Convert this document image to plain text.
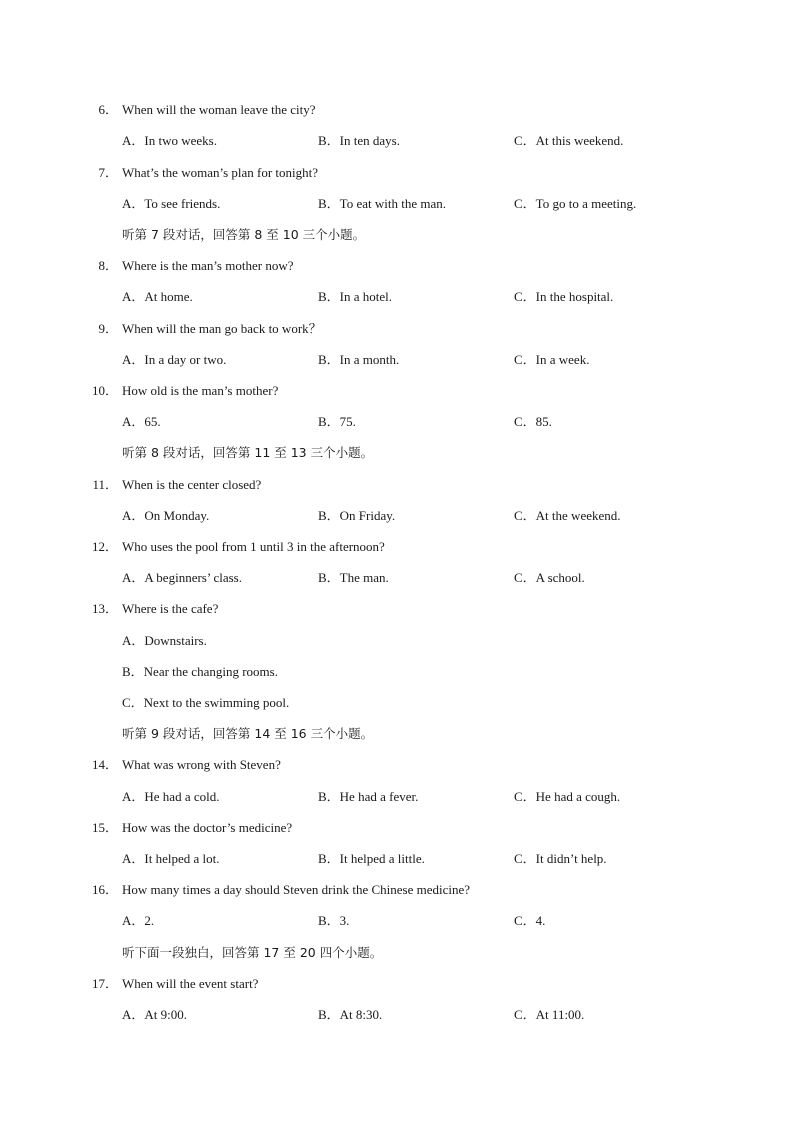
6． When will the woman leave the city?
A．In two weeks.	B．In ten days.	C．At this weekend.
7． What’s the woman’s plan for tonight?
A．To see friends.	B．To eat with the man.	C．To go to a meeting.
听第 7 段对话，回答第 8 至 10 三个小题。
8． Where is the man’s mother now?
A．At home.	B．In a hotel.	C．In the hospital.
9． When will the man go back to work？
A．In a day or two.	B．In a month.	C．In a week.
10． How old is the man’s mother?
A．65.	B．75.	C．85.
听第 8 段对话，回答第 11 至 13 三个小题。
11． When is the center closed?
A．On Monday.	B．On Friday.	C．At the weekend.
12． Who uses the pool from 1 until 3 in the afternoon?
A．A beginners’ class.	B．The man.	C．A school.
13． Where is the cafe?
A．Downstairs.
B．Near the changing rooms.
C．Next to the swimming pool.
听第 9 段对话，回答第 14 至 16 三个小题。
14． What was wrong with Steven?
A．He had a cold.	B．He had a fever.	C．He had a cough.
15． How was the doctor’s medicine?
A．It helped a lot.	B．It helped a little.	C．It didn’t help.
16． How many times a day should Steven drink the Chinese medicine?
A．2.	B．3.	C．4.
听下面一段独白，回答第 17 至 20 四个小题。
17． When will the event start?
A．At 9:00.	B．At 8:30.	C．At 11:00.
